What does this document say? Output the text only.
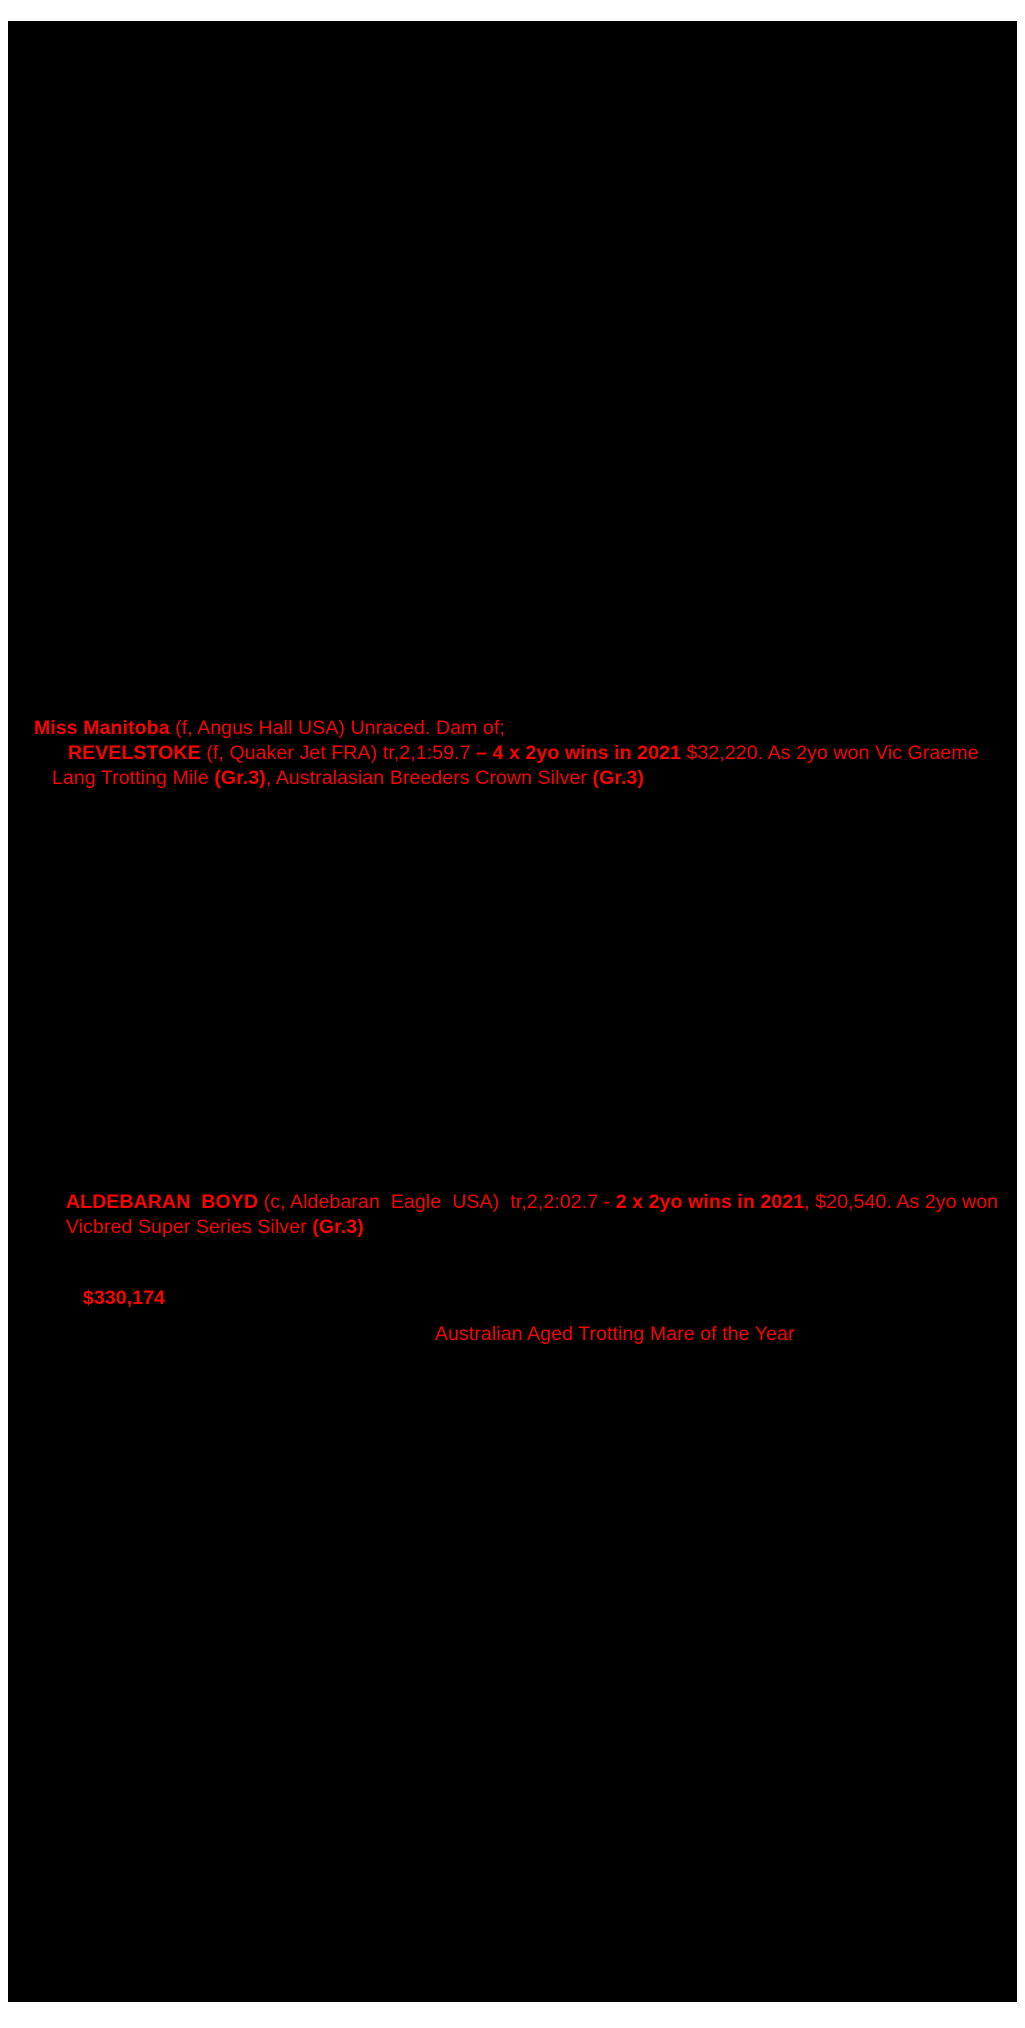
Miss Manitoba (f, Angus Hall USA) Unraced. Dam of;
REVELSTOKE (f, Quaker Jet FRA) tr,2,1:59.7 – 4 x 2yo wins in 2021 $32,220. As 2yo won Vic Graeme Lang Trotting Mile (Gr.3), Australasian Breeders Crown Silver (Gr.3)

ALDEBARAN  BOYD (c, Aldebaran  Eagle  USA)  tr,2,2:02.7 - 2 x 2yo wins in 2021, $20,540. As 2yo won Vicbred Super Series Silver (Gr.3)

$330,174

Australian Aged Trotting Mare of the Year
